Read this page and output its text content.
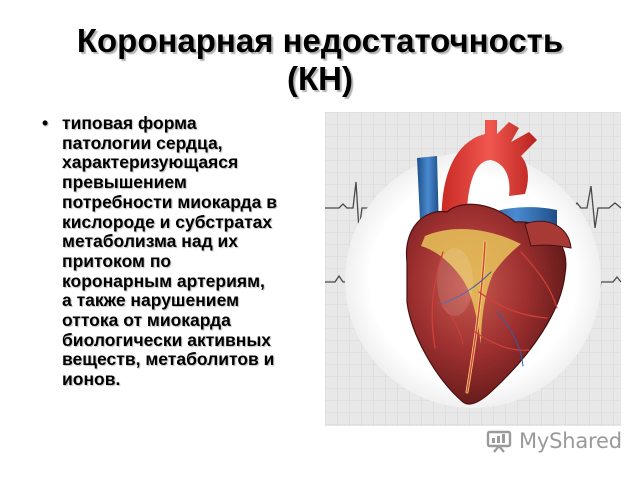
Коронарная недостаточность
(КН)
• типовая форма
патологии сердца,
характеризующаяся
превышением
потребности миокарда в
кислороде и субстратах
метаболизма над их
притоком по
коронарным артериям,
а также нарушением
оттока от миокарда
биологически активных
веществ, метаболитов и
ионов.
MyShared
